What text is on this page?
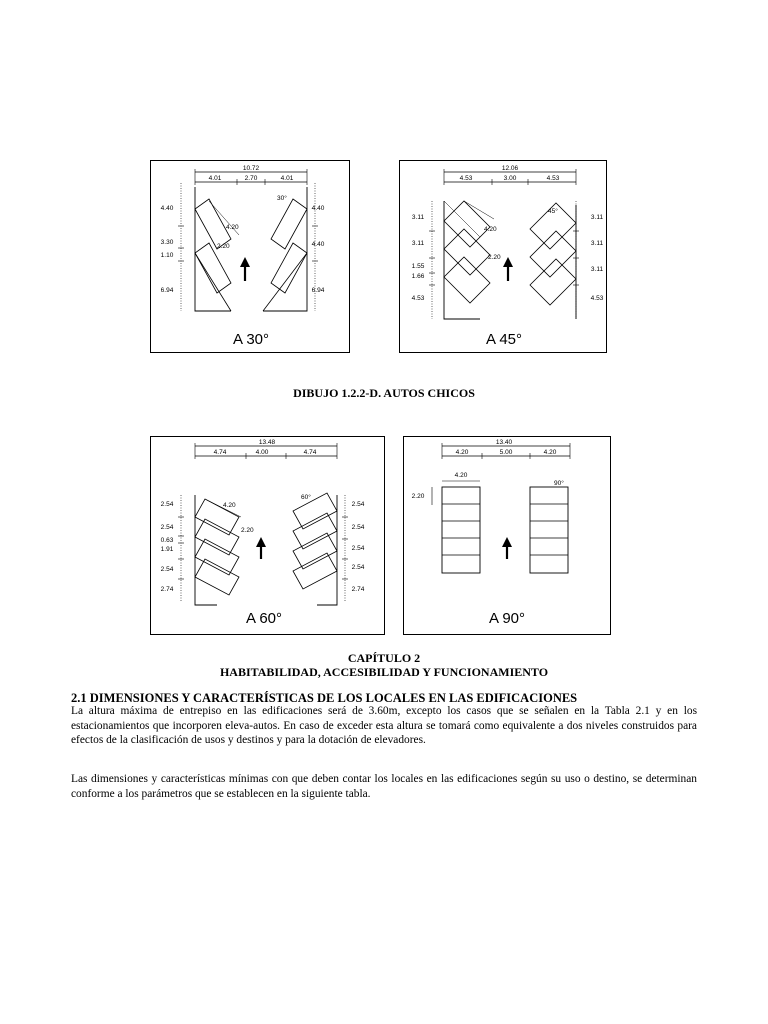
10.72
4.01	2.70	4.01
4.40
3.30
1.10
6.94
4.40
4.40
6.94
4.20
2.20
30°
A 30°
12.06
4.53	3.00	4.53
3.11
3.11
1.55
1.66
4.53
3.11
3.11
3.11
4.53
4.20
2.20
45°
A 45°
DIBUJO 1.2.2-D. AUTOS CHICOS
13.48
4.74	4.00	4.74
2.54
2.54
0.63
1.91
2.54
2.74
2.54
2.54
2.54
2.54
2.74
4.20
2.20
60°
A 60°
13.40
4.20	5.00	4.20
4.20
2.20
90°
A 90°
CAPÍTULO 2
HABITABILIDAD, ACCESIBILIDAD Y FUNCIONAMIENTO
2.1 DIMENSIONES Y CARACTERÍSTICAS DE LOS LOCALES EN LAS EDIFICACIONES

La altura máxima de entrepiso en las edificaciones será de 3.60m, excepto los casos que se señalen en la Tabla 2.1 y en los estacionamientos que incorporen eleva-autos. En caso de exceder esta altura se tomará como equivalente a dos niveles construidos para efectos de la clasificación de usos y destinos y para la dotación de elevadores.

Las dimensiones y características mínimas con que deben contar los locales en las edificaciones según su uso o destino, se determinan conforme a los parámetros que se establecen en la siguiente tabla.
